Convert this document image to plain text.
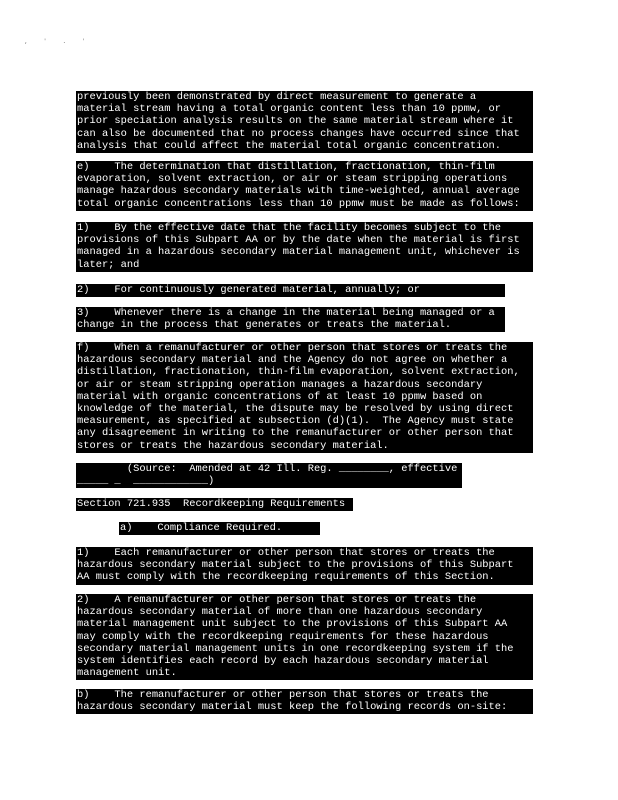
, ' . '
previously been demonstrated by direct measurement to generate a
material stream having a total organic content less than 10 ppmw, or
prior speciation analysis results on the same material stream where it
can also be documented that no process changes have occurred since that
analysis that could affect the material total organic concentration.
e)    The determination that distillation, fractionation, thin-film
evaporation, solvent extraction, or air or steam stripping operations
manage hazardous secondary materials with time-weighted, annual average
total organic concentrations less than 10 ppmw must be made as follows:
1)    By the effective date that the facility becomes subject to the
provisions of this Subpart AA or by the date when the material is first
managed in a hazardous secondary material management unit, whichever is
later; and
2)    For continuously generated material, annually; or
3)    Whenever there is a change in the material being managed or a
change in the process that generates or treats the material.
f)    When a remanufacturer or other person that stores or treats the
hazardous secondary material and the Agency do not agree on whether a
distillation, fractionation, thin-film evaporation, solvent extraction,
or air or steam stripping operation manages a hazardous secondary
material with organic concentrations of at least 10 ppmw based on
knowledge of the material, the dispute may be resolved by using direct
measurement, as specified at subsection (d)(1).  The Agency must state
any disagreement in writing to the remanufacturer or other person that
stores or treats the hazardous secondary material.
(Source:  Amended at 42 Ill. Reg. ________, effective
_____ _  ____________)
Section 721.935  Recordkeeping Requirements
a)    Compliance Required.
1)    Each remanufacturer or other person that stores or treats the
hazardous secondary material subject to the provisions of this Subpart
AA must comply with the recordkeeping requirements of this Section.
2)    A remanufacturer or other person that stores or treats the
hazardous secondary material of more than one hazardous secondary
material management unit subject to the provisions of this Subpart AA
may comply with the recordkeeping requirements for these hazardous
secondary material management units in one recordkeeping system if the
system identifies each record by each hazardous secondary material
management unit.
b)    The remanufacturer or other person that stores or treats the
hazardous secondary material must keep the following records on-site:
